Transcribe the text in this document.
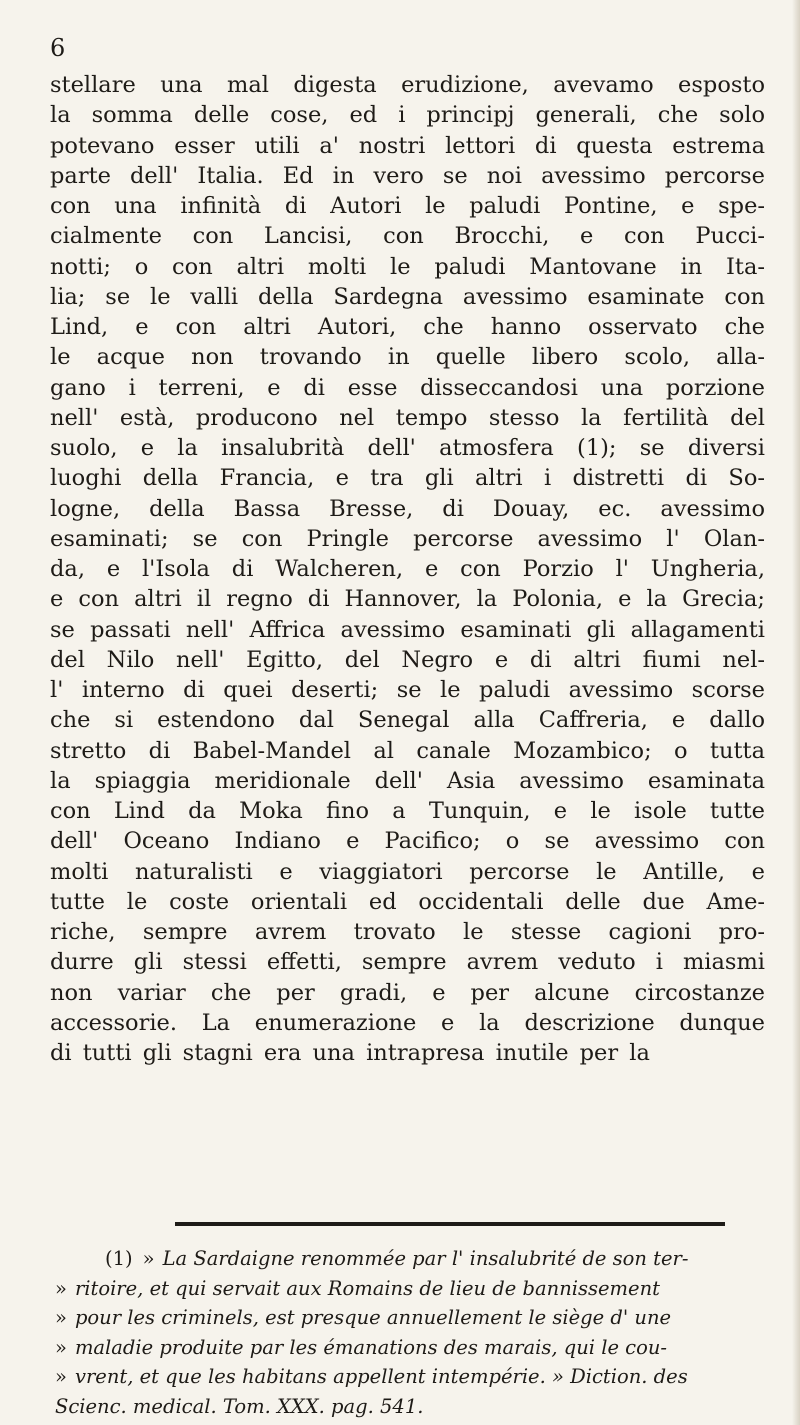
6
stellare una mal digesta erudizione, avevamo esposto
la somma delle cose, ed i principj generali, che solo
potevano esser utili a' nostri lettori di questa estrema
parte dell' Italia. Ed in vero se noi avessimo percorse
con una infinità di Autori le paludi Pontine, e spe-
cialmente con Lancisi, con Brocchi, e con Pucci-
notti; o con altri molti le paludi Mantovane in Ita-
lia; se le valli della Sardegna avessimo esaminate con
Lind, e con altri Autori, che hanno osservato che
le acque non trovando in quelle libero scolo, alla-
gano i terreni, e di esse disseccandosi una porzione
nell' està, producono nel tempo stesso la fertilità del
suolo, e la insalubrità dell' atmosfera (1); se diversi
luoghi della Francia, e tra gli altri i distretti di So-
logne, della Bassa Bresse, di Douay, ec. avessimo
esaminati; se con Pringle percorse avessimo l' Olan-
da, e l'Isola di Walcheren, e con Porzio l' Ungheria,
e con altri il regno di Hannover, la Polonia, e la Grecia;
se passati nell' Affrica avessimo esaminati gli allagamenti
del Nilo nell' Egitto, del Negro e di altri fiumi nel-
l' interno di quei deserti; se le paludi avessimo scorse
che si estendono dal Senegal alla Caffreria, e dallo
stretto di Babel-Mandel al canale Mozambico; o tutta
la spiaggia meridionale dell' Asia avessimo esaminata
con Lind da Moka fino a Tunquin, e le isole tutte
dell' Oceano Indiano e Pacifico; o se avessimo con
molti naturalisti e viaggiatori percorse le Antille, e
tutte le coste orientali ed occidentali delle due Ame-
riche, sempre avrem trovato le stesse cagioni pro-
durre gli stessi effetti, sempre avrem veduto i miasmi
non variar che per gradi, e per alcune circostanze
accessorie. La enumerazione e la descrizione dunque
di tutti gli stagni era una intrapresa inutile per la
(1) » La Sardaigne renommée par l' insalubrité de son ter-
» ritoire, et qui servait aux Romains de lieu de bannissement
» pour les criminels, est presque annuellement le siège d' une
» maladie produite par les émanations des marais, qui le cou-
» vrent, et que les habitans appellent intempérie. » Diction. des
Scienc. medical. Tom. XXX. pag. 541.
